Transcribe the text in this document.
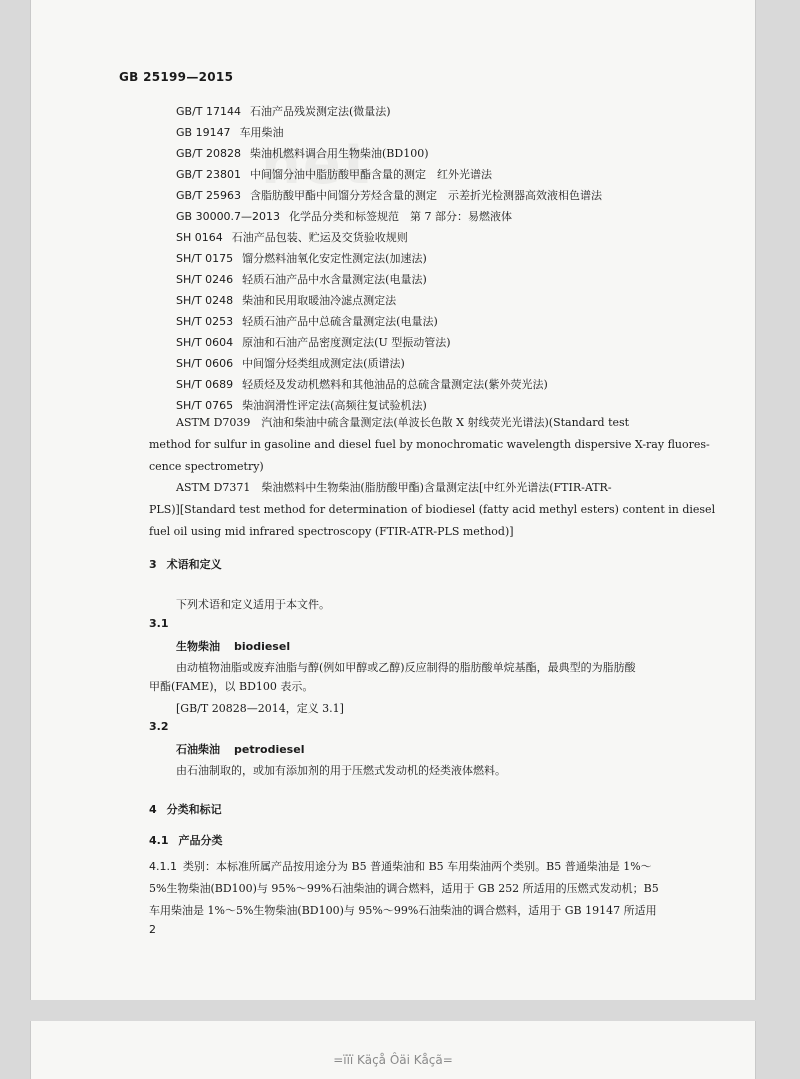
GB 25199—2015
GB/T 17144 石油产品残炭测定法(微量法)
GB 19147 车用柴油
GB/T 20828 柴油机燃料调合用生物柴油(BD100)
GB/T 23801 中间馏分油中脂肪酸甲酯含量的测定　红外光谱法
GB/T 25963 含脂肪酸甲酯中间馏分芳烃含量的测定　示差折光检测器高效液相色谱法
GB 30000.7—2013 化学品分类和标签规范　第 7 部分：易燃液体
SH 0164 石油产品包装、贮运及交货验收规则
SH/T 0175 馏分燃料油氧化安定性测定法(加速法)
SH/T 0246 轻质石油产品中水含量测定法(电量法)
SH/T 0248 柴油和民用取暖油冷滤点测定法
SH/T 0253 轻质石油产品中总硫含量测定法(电量法)
SH/T 0604 原油和石油产品密度测定法(U 型振动管法)
SH/T 0606 中间馏分烃类组成测定法(质谱法)
SH/T 0689 轻质烃及发动机燃料和其他油品的总硫含量测定法(紫外荧光法)
SH/T 0765 柴油润滑性评定法(高频往复试验机法)
ASTM D7039　汽油和柴油中硫含量测定法(单波长色散 X 射线荧光光谱法)(Standard test
method for sulfur in gasoline and diesel fuel by monochromatic wavelength dispersive X-ray fluores-
cence spectrometry)
ASTM D7371　柴油燃料中生物柴油(脂肪酸甲酯)含量测定法[中红外光谱法(FTIR-ATR-
PLS)][Standard test method for determination of biodiesel (fatty acid methyl esters) content in diesel
fuel oil using mid infrared spectroscopy (FTIR-ATR-PLS method)]
3 术语和定义
下列术语和定义适用于本文件。
3.1
生物柴油 biodiesel
由动植物油脂或废弃油脂与醇(例如甲醇或乙醇)反应制得的脂肪酸单烷基酯，最典型的为脂肪酸
甲酯(FAME)，以 BD100 表示。
[GB/T 20828—2014，定义 3.1]
3.2
石油柴油 petrodiesel
由石油制取的，或加有添加剂的用于压燃式发动机的烃类液体燃料。
4 分类和标记
4.1 产品分类
4.1.1 类别：本标准所属产品按用途分为 B5 普通柴油和 B5 车用柴油两个类别。B5 普通柴油是 1%～
5%生物柴油(BD100)与 95%～99%石油柴油的调合燃料，适用于 GB 252 所适用的压燃式发动机；B5
车用柴油是 1%～5%生物柴油(BD100)与 95%～99%石油柴油的调合燃料，适用于 GB 19147 所适用
2
=ïïï Käçå Ôäi Kåçã=
